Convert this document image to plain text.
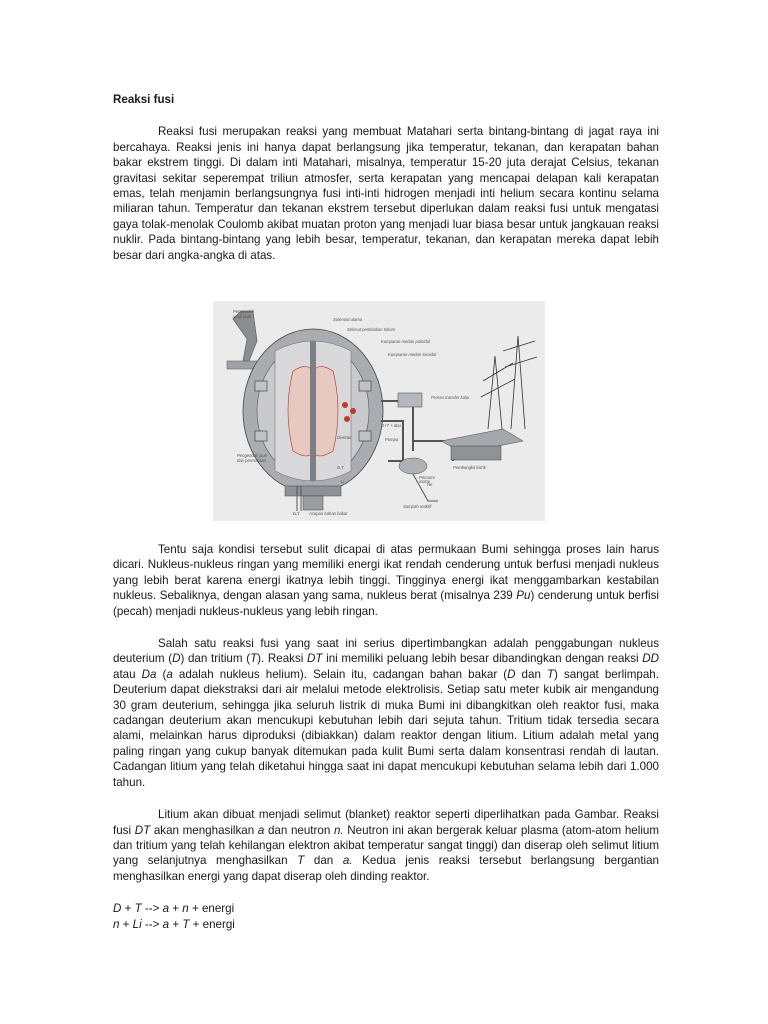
Reaksi fusi
Reaksi fusi merupakan reaksi yang membuat Matahari serta bintang-bintang di jagat raya ini bercahaya. Reaksi jenis ini hanya dapat berlangsung jika temperatur, tekanan, dan kerapatan bahan bakar ekstrem tinggi. Di dalam inti Matahari, misalnya, temperatur 15-20 juta derajat Celsius, tekanan gravitasi sekitar seperempat triliun atmosfer, serta kerapatan yang mencapai delapan kali kerapatan emas, telah menjamin berlangsungnya fusi inti-inti hidrogen menjadi inti helium secara kontinu selama miliaran tahun. Temperatur dan tekanan ekstrem tersebut diperlukan dalam reaksi fusi untuk mengatasi gaya tolak-menolak Coulomb akibat muatan proton yang menjadi luar biasa besar untuk jangkauan reaksi nuklir. Pada bintang-bintang yang lebih besar, temperatur, tekanan, dan kerapatan mereka dapat lebih besar dari angka-angka di atas.
D,T
Pengendali
jarak jauh
Solenoid utama
Selimut pembiakan tritium
Kumparan medan poloidal
Kumparan medan toroidal
Proses transfer kalor
D+T + abu
Divertor	Pompa
Pengendali jauh
dari permukaan
D,T
Li
He
Pemurni
isotop
Pembangkit listrik
Asupan bahan bakar
Sampah reaktif
Tentu saja kondisi tersebut sulit dicapai di atas permukaan Bumi sehingga proses lain harus dicari. Nukleus-nukleus ringan yang memiliki energi ikat rendah cenderung untuk berfusi menjadi nukleus yang lebih berat karena energi ikatnya lebih tinggi. Tingginya energi ikat menggambarkan kestabilan nukleus. Sebaliknya, dengan alasan yang sama, nukleus berat (misalnya 239 Pu) cenderung untuk berfisi (pecah) menjadi nukleus-nukleus yang lebih ringan.
Salah satu reaksi fusi yang saat ini serius dipertimbangkan adalah penggabungan nukleus deuterium (D) dan tritium (T). Reaksi DT ini memiliki peluang lebih besar dibandingkan dengan reaksi DD atau Da (a adalah nukleus helium). Selain itu, cadangan bahan bakar (D dan T) sangat berlimpah. Deuterium dapat diekstraksi dari air melalui metode elektrolisis. Setiap satu meter kubik air mengandung 30 gram deuterium, sehingga jika seluruh listrik di muka Bumi ini dibangkitkan oleh reaktor fusi, maka cadangan deuterium akan mencukupi kebutuhan lebih dari sejuta tahun. Tritium tidak tersedia secara alami, melainkan harus diproduksi (dibiakkan) dalam reaktor dengan litium. Litium adalah metal yang paling ringan yang cukup banyak ditemukan pada kulit Bumi serta dalam konsentrasi rendah di lautan. Cadangan litium yang telah diketahui hingga saat ini dapat mencukupi kebutuhan selama lebih dari 1.000 tahun.
Litium akan dibuat menjadi selimut (blanket) reaktor seperti diperlihatkan pada Gambar. Reaksi fusi DT akan menghasilkan a dan neutron n. Neutron ini akan bergerak keluar plasma (atom-atom helium dan tritium yang telah kehilangan elektron akibat temperatur sangat tinggi) dan diserap oleh selimut litium yang selanjutnya menghasilkan T dan a. Kedua jenis reaksi tersebut berlangsung bergantian menghasilkan energi yang dapat diserap oleh dinding reaktor.
D + T --> a + n + energi
n + Li --> a + T + energi
